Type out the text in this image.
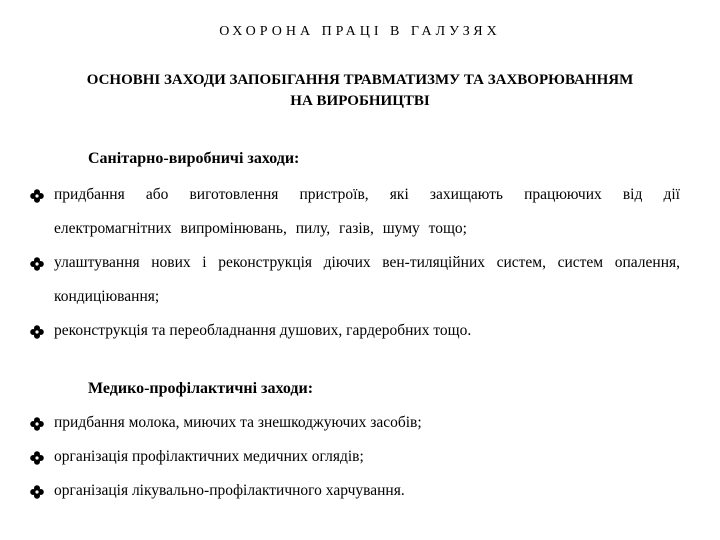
ОХОРОНА ПРАЦІ В ГАЛУЗЯХ
ОСНОВНІ ЗАХОДИ ЗАПОБІГАННЯ ТРАВМАТИЗМУ ТА ЗАХВОРЮВАННЯМ
НА ВИРОБНИЦТВІ
Санітарно-виробничі заходи:
придбання або виготовлення пристроїв, які захищають працюючих від дії електромагнітних випромінювань, пилу, газів, шуму тощо;
улаштування нових і реконструкція діючих вен-тиляційних систем, систем опалення, кондиціювання;
реконструкція та переобладнання душових, гардеробних тощо.
Медико-профілактичні заходи:
придбання молока, миючих та знешкоджуючих засобів;
організація профілактичних медичних оглядів;
організація лікувально-профілактичного харчування.
